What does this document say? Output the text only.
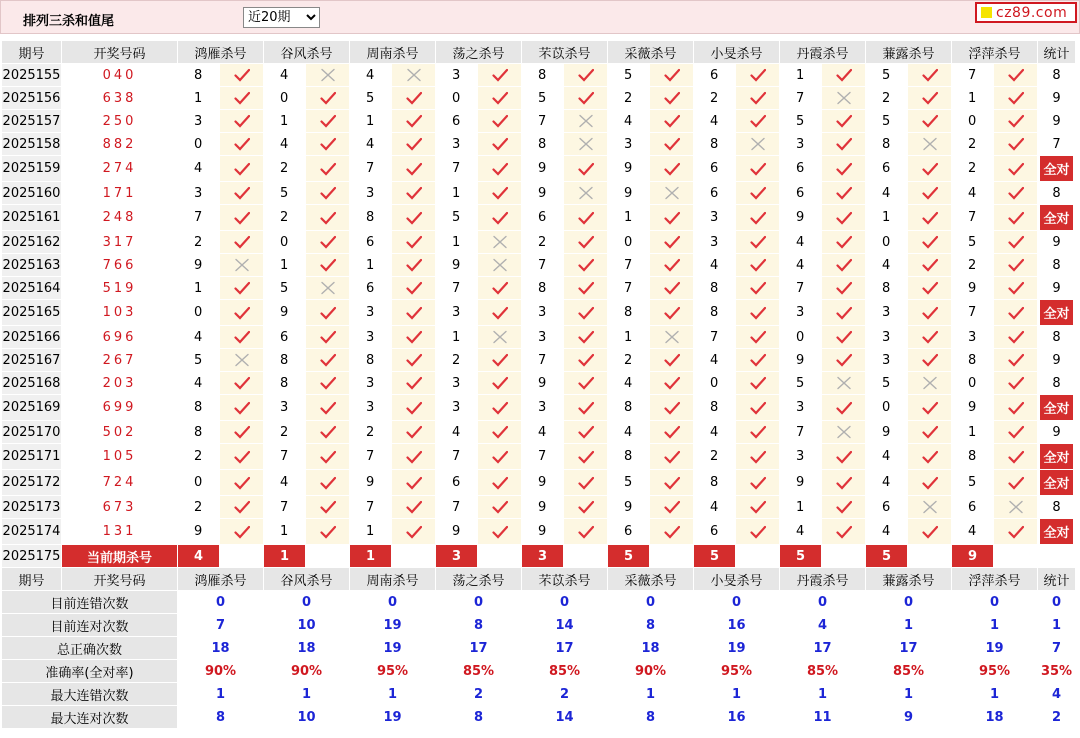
排列三杀和值尾
近20期
cz89.com
期号	开奖号码	鸿雁杀号		谷风杀号		周南杀号		荡之杀号		芣苡杀号		采薇杀号		小旻杀号		丹霞杀号		蒹露杀号		浮萍杀号		统计
2025155	040	8		4		4		3		8		5		6		1		5		7		8
2025156	638	1		0		5		0		5		2		2		7		2		1		9
2025157	250	3		1		1		6		7		4		4		5		5		0		9
2025158	882	0		4		4		3		8		3		8		3		8		2		7
2025159	274	4		2		7		7		9		9		6		6		6		2		全对
2025160	171	3		5		3		1		9		9		6		6		4		4		8
2025161	248	7		2		8		5		6		1		3		9		1		7		全对
2025162	317	2		0		6		1		2		0		3		4		0		5		9
2025163	766	9		1		1		9		7		7		4		4		4		2		8
2025164	519	1		5		6		7		8		7		8		7		8		9		9
2025165	103	0		9		3		3		3		8		8		3		3		7		全对
2025166	696	4		6		3		1		3		1		7		0		3		3		8
2025167	267	5		8		8		2		7		2		4		9		3		8		9
2025168	203	4		8		3		3		9		4		0		5		5		0		8
2025169	699	8		3		3		3		3		8		8		3		0		9		全对
2025170	502	8		2		2		4		4		4		4		7		9		1		9
2025171	105	2		7		7		7		7		8		2		3		4		8		全对
2025172	724	0		4		9		6		9		5		8		9		4		5		全对
2025173	673	2		7		7		7		9		9		4		1		6		6		8
2025174	131	9		1		1		9		9		6		6		4		4		4		全对
2025175	当前期杀号	4		1		1		3		3		5		5		5		5		9		
期号	开奖号码	鸿雁杀号		谷风杀号		周南杀号		荡之杀号		芣苡杀号		采薇杀号		小旻杀号		丹霞杀号		蒹露杀号		浮萍杀号		统计
目前连错次数		0		0		0		0		0		0		0		0		0		0		0
目前连对次数		7		10		19		8		14		8		16		4		1		1		1
总正确次数		18		18		19		17		17		18		19		17		17		19		7
准确率(全对率)		90%		90%		95%		85%		85%		90%		95%		85%		85%		95%		35%
最大连错次数		1		1		1		2		2		1		1		1		1		1		4
最大连对次数		8		10		19		8		14		8		16		11		9		18		2
